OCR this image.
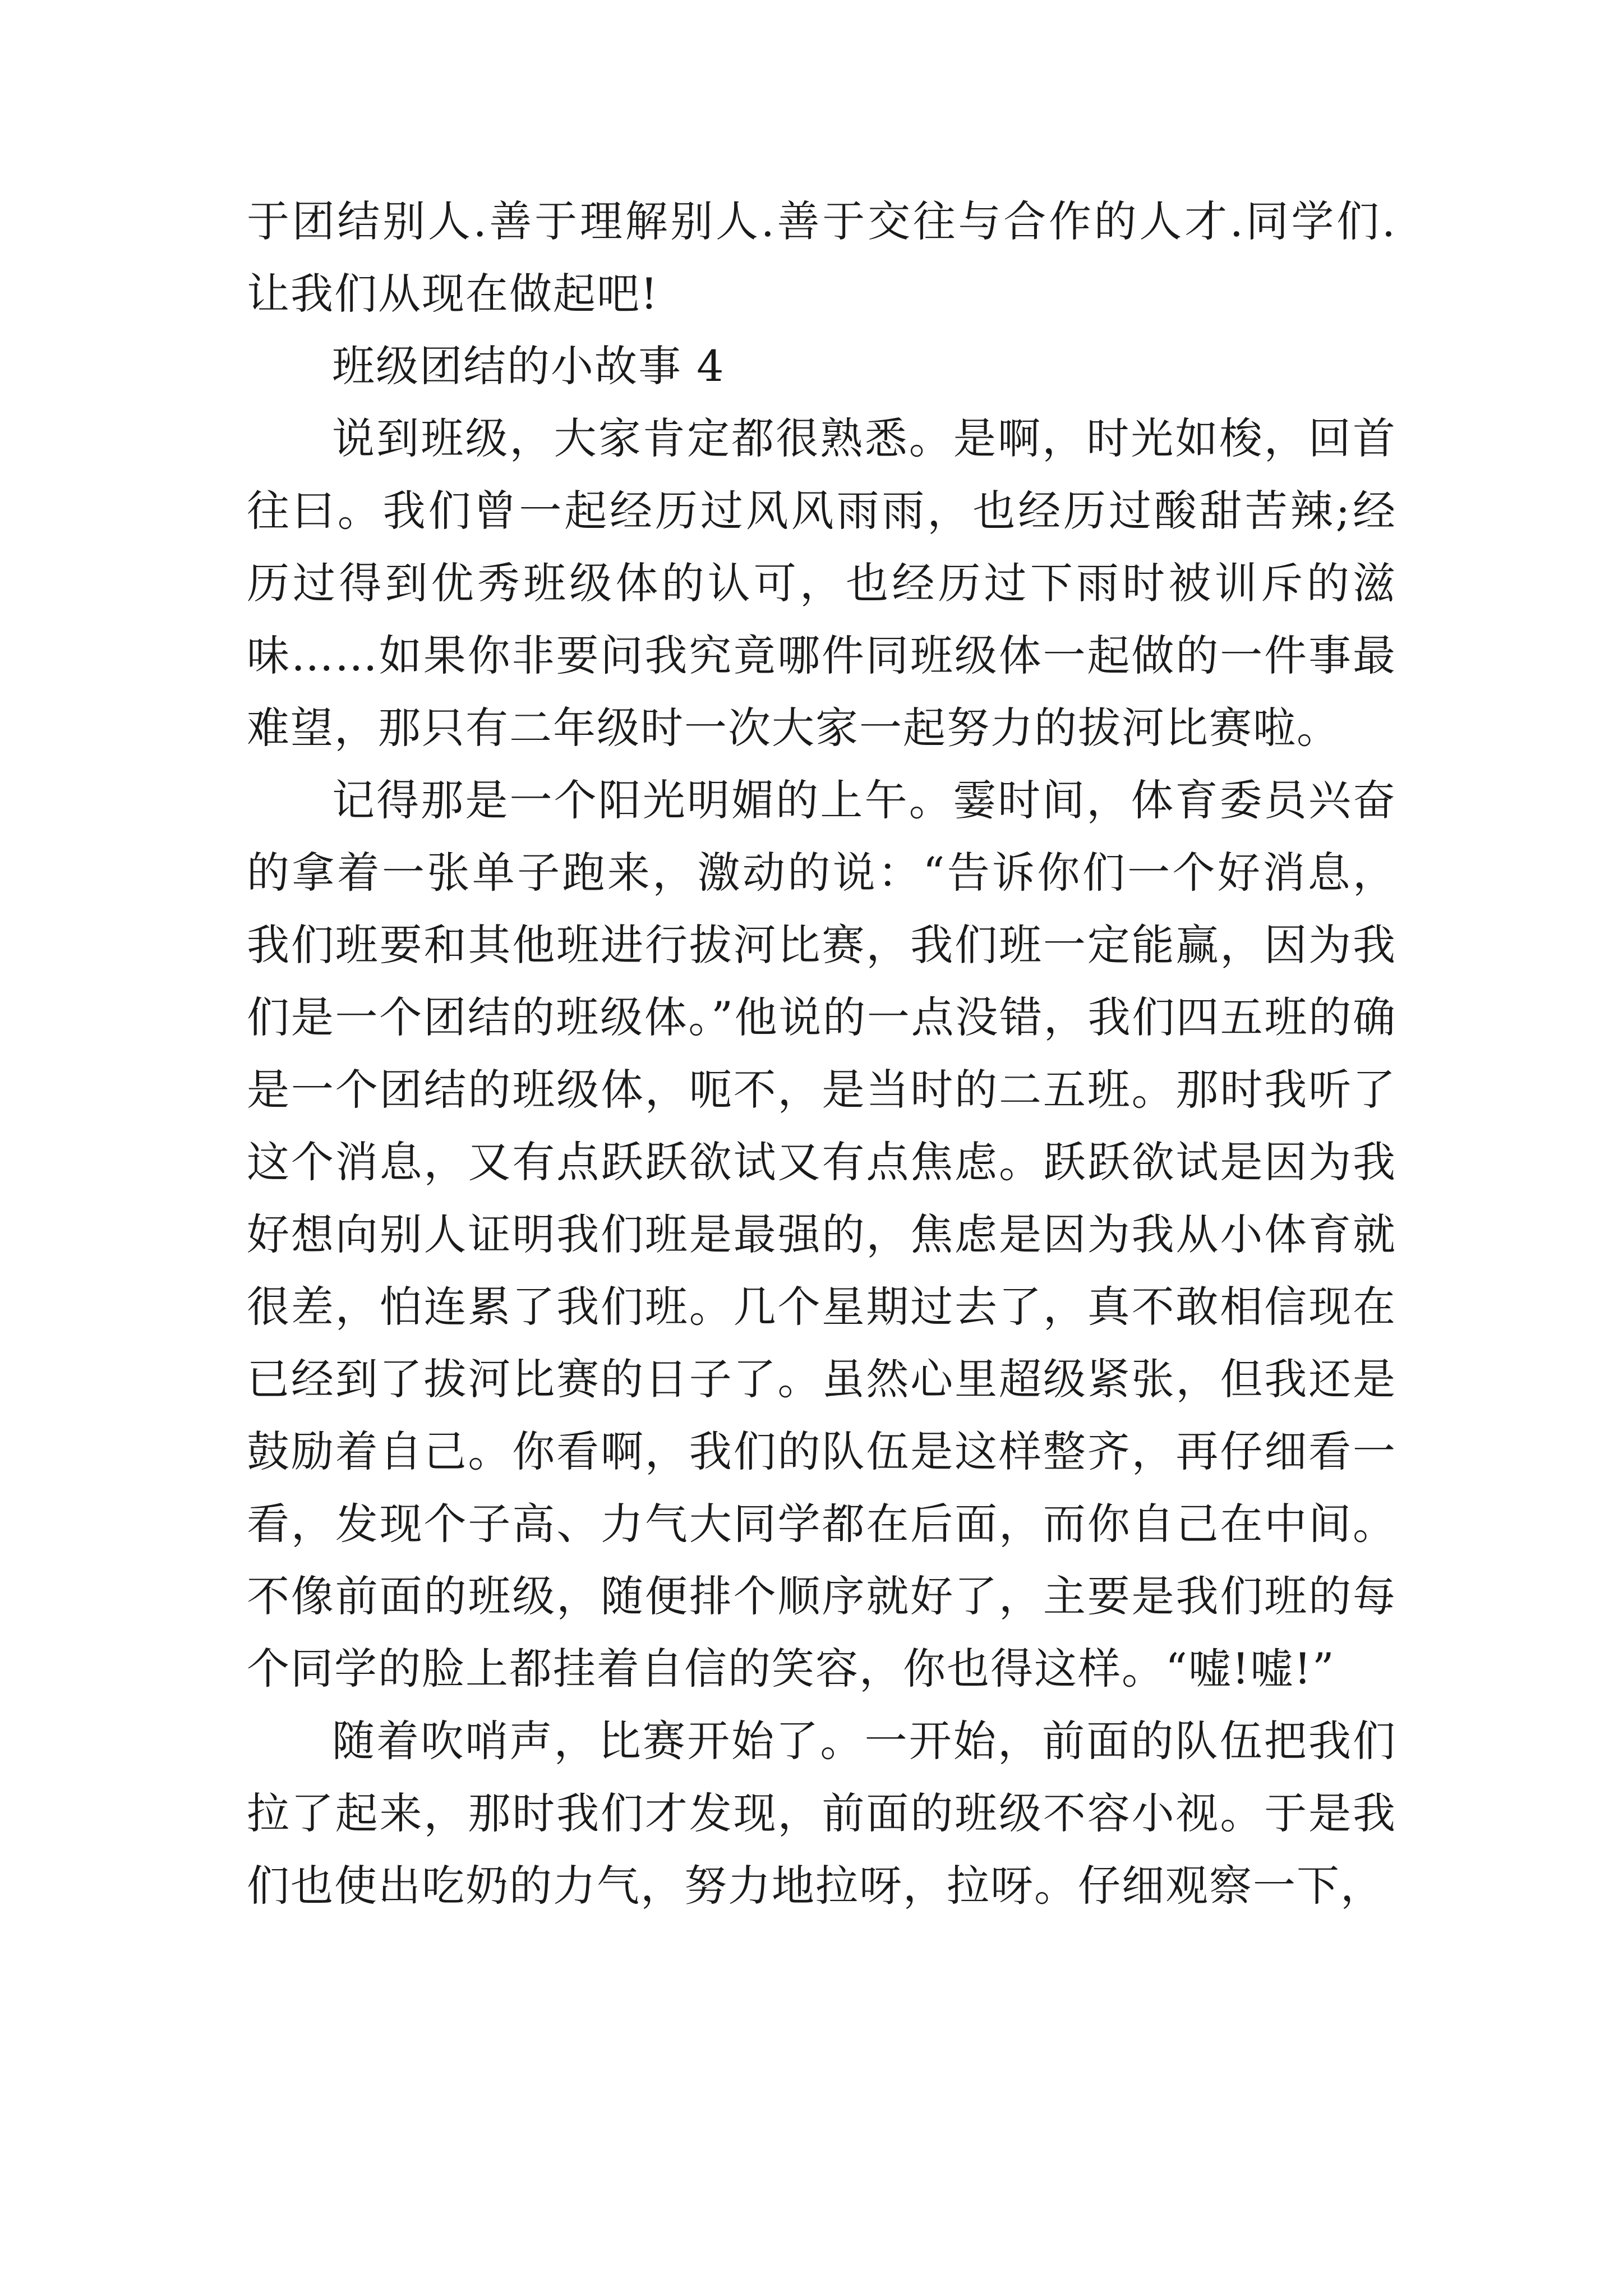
于团结别人.善于理解别人.善于交往与合作的人才.同学们.让我们从现在做起吧!

班级团结的小故事 4

说到班级，大家肯定都很熟悉。是啊，时光如梭，回首往曰。我们曾一起经历过风风雨雨，也经历过酸甜苦辣;经历过得到优秀班级体的认可，也经历过下雨时被训斥的滋味……如果你非要问我究竟哪件同班级体一起做的一件事最难望，那只有二年级时一次大家一起努力的拔河比赛啦。

记得那是一个阳光明媚的上午。霎时间，体育委员兴奋的拿着一张单子跑来，激动的说：“告诉你们一个好消息，我们班要和其他班进行拔河比赛，我们班一定能赢，因为我们是一个团结的班级体。”他说的一点没错，我们四五班的确是一个团结的班级体，呃不，是当时的二五班。那时我听了这个消息，又有点跃跃欲试又有点焦虑。跃跃欲试是因为我好想向别人证明我们班是最强的，焦虑是因为我从小体育就很差，怕连累了我们班。几个星期过去了，真不敢相信现在已经到了拔河比赛的日子了。虽然心里超级紧张，但我还是鼓励着自己。你看啊，我们的队伍是这样整齐，再仔细看一看，发现个子高、力气大同学都在后面，而你自己在中间。不像前面的班级，随便排个顺序就好了，主要是我们班的每个同学的脸上都挂着自信的笑容，你也得这样。“嘘!嘘!”

随着吹哨声，比赛开始了。一开始，前面的队伍把我们拉了起来，那时我们才发现，前面的班级不容小视。于是我们也使出吃奶的力气，努力地拉呀，拉呀。仔细观察一下，
